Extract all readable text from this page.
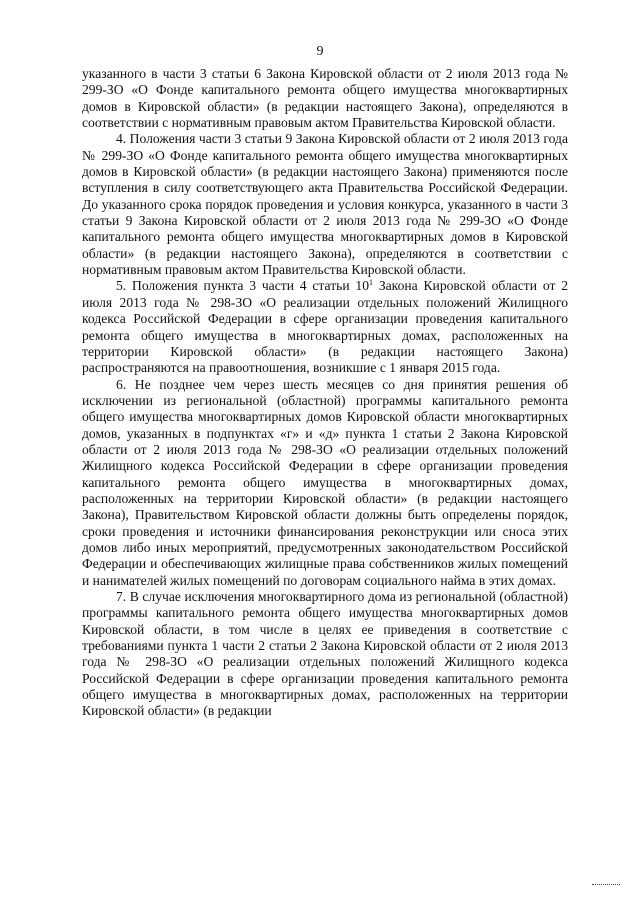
9

указанного в части 3 статьи 6 Закона Кировской области от 2 июля 2013 года № 299-ЗО «О Фонде капитального ремонта общего имущества многоквартирных домов в Кировской области» (в редакции настоящего Закона), определяются в соответствии с нормативным правовым актом Правительства Кировской области.

4. Положения части 3 статьи 9 Закона Кировской области от 2 июля 2013 года № 299-ЗО «О Фонде капитального ремонта общего имущества многоквартирных домов в Кировской области» (в редакции настоящего Закона) применяются после вступления в силу соответствующего акта Правительства Российской Федерации. До указанного срока порядок проведения и условия конкурса, указанного в части 3 статьи 9 Закона Кировской области от 2 июля 2013 года № 299-ЗО «О Фонде капитального ремонта общего имущества многоквартирных домов в Кировской области» (в редакции настоящего Закона), определяются в соответствии с нормативным правовым актом Правительства Кировской области.

5. Положения пункта 3 части 4 статьи $10^1$ Закона Кировской области от 2 июля 2013 года № 298-ЗО «О реализации отдельных положений Жилищного кодекса Российской Федерации в сфере организации проведения капитального ремонта общего имущества в многоквартирных домах, расположенных на территории Кировской области» (в редакции настоящего Закона) распространяются на правоотношения, возникшие с 1 января 2015 года.

6. Не позднее чем через шесть месяцев со дня принятия решения об исключении из региональной (областной) программы капитального ремонта общего имущества многоквартирных домов Кировской области многоквартирных домов, указанных в подпунктах «г» и «д» пункта 1 статьи 2 Закона Кировской области от 2 июля 2013 года № 298-ЗО «О реализации отдельных положений Жилищного кодекса Российской Федерации в сфере организации проведения капитального ремонта общего имущества в многоквартирных домах, расположенных на территории Кировской области» (в редакции настоящего Закона), Правительством Кировской области должны быть определены порядок, сроки проведения и источники финансирования реконструкции или сноса этих домов либо иных мероприятий, предусмотренных законодательством Российской Федерации и обеспечивающих жилищные права собственников жилых помещений и нанимателей жилых помещений по договорам социального найма в этих домах.

7. В случае исключения многоквартирного дома из региональной (областной) программы капитального ремонта общего имущества многоквартирных домов Кировской области, в том числе в целях ее приведения в соответствие с требованиями пункта 1 части 2 статьи 2 Закона Кировской области от 2 июля 2013 года № 298-ЗО «О реализации отдельных положений Жилищного кодекса Российской Федерации в сфере организации проведения капитального ремонта общего имущества в многоквартирных домах, расположенных на территории Кировской области» (в редакции
